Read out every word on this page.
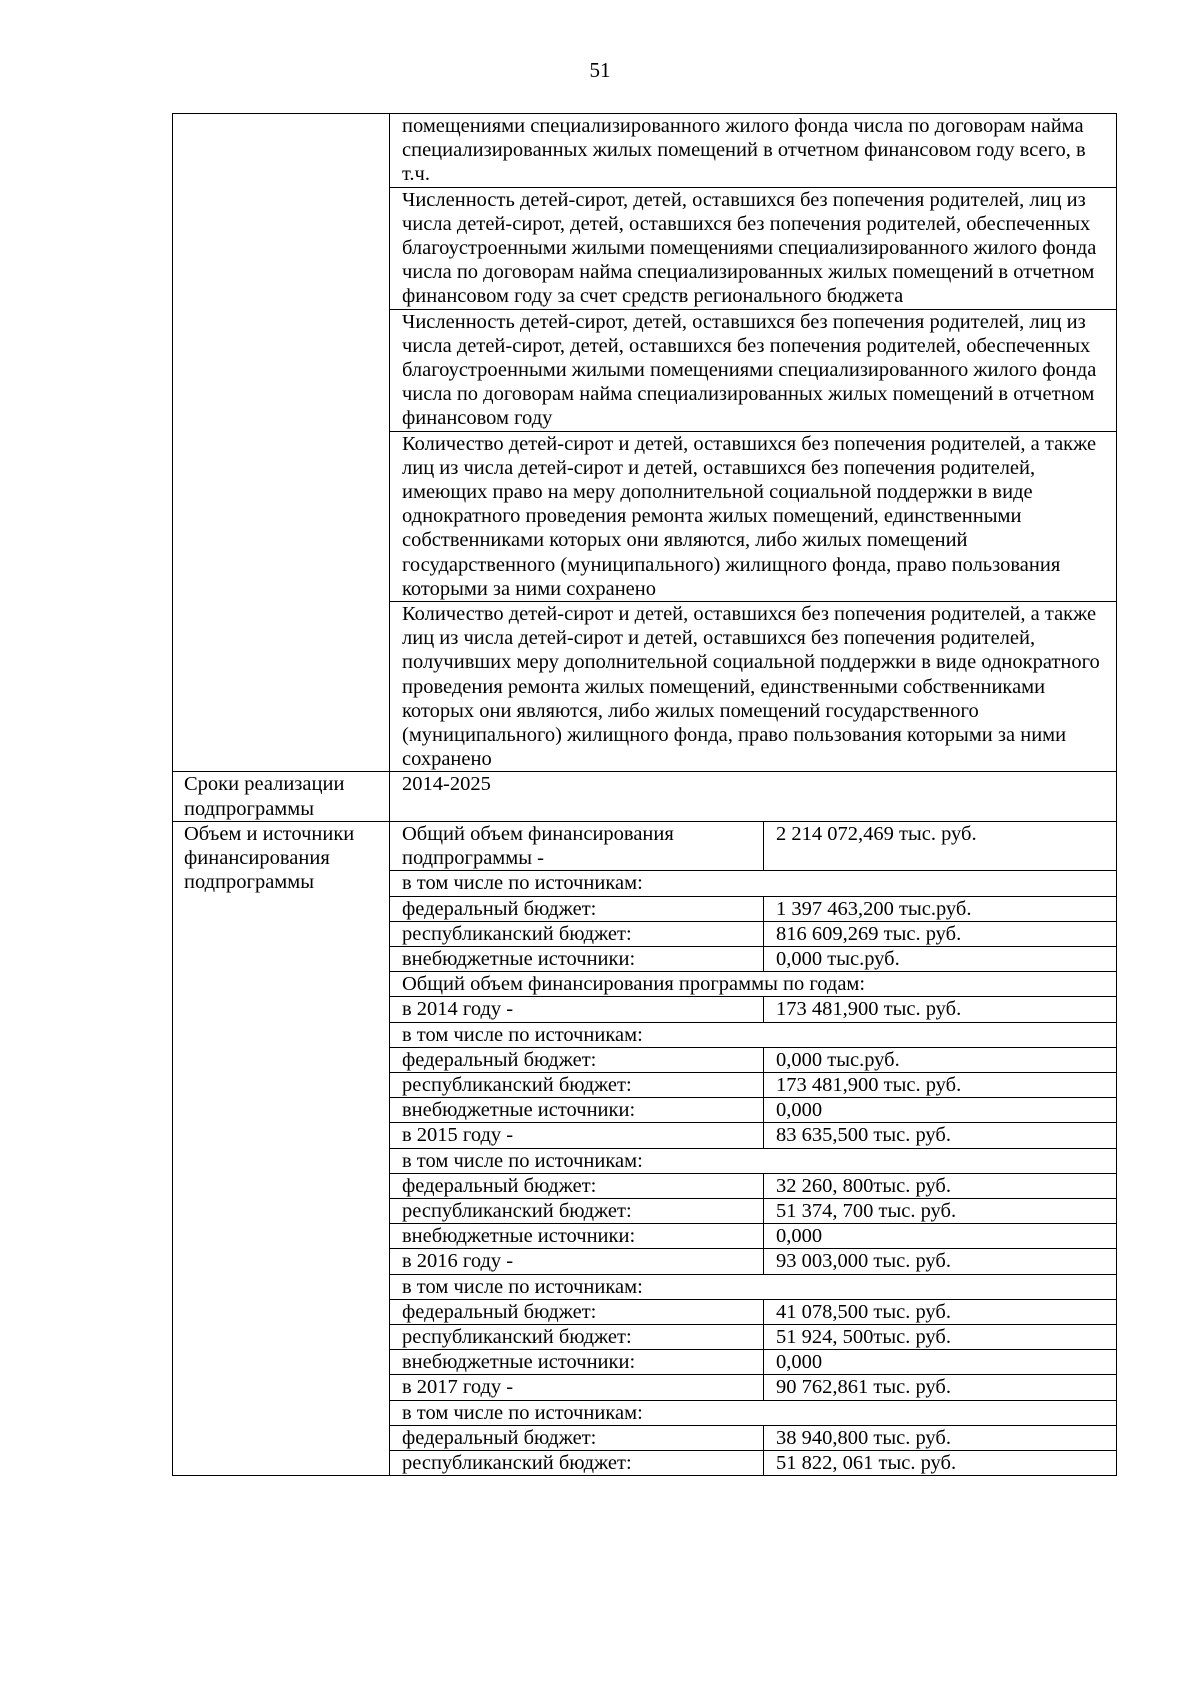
51
	помещениями специализированного жилого фонда числа по договорам найма специализированных жилых помещений в отчетном финансовом году всего, в т.ч.	
	Численность детей-сирот, детей, оставшихся без попечения родителей, лиц из числа детей-сирот, детей, оставшихся без попечения родителей, обеспеченных благоустроенными жилыми помещениями специализированного жилого фонда числа по договорам найма специализированных жилых помещений в отчетном финансовом году за счет средств регионального бюджета	
	Численность детей-сирот, детей, оставшихся без попечения родителей, лиц из числа детей-сирот, детей, оставшихся без попечения родителей, обеспеченных благоустроенными жилыми помещениями специализированного жилого фонда числа по договорам найма специализированных жилых помещений в отчетном финансовом году	
	Количество детей-сирот и детей, оставшихся без попечения родителей, а также лиц из числа детей-сирот и детей, оставшихся без попечения родителей, имеющих право на меру дополнительной социальной поддержки в виде однократного проведения ремонта жилых помещений, единственными собственниками которых они являются, либо жилых помещений государственного (муниципального) жилищного фонда, право пользования которыми за ними сохранено	
	Количество детей-сирот и детей, оставшихся без попечения родителей, а также лиц из числа детей-сирот и детей, оставшихся без попечения родителей, получивших меру дополнительной социальной поддержки в виде однократного проведения ремонта жилых помещений, единственными собственниками которых они являются, либо жилых помещений государственного (муниципального) жилищного фонда, право пользования которыми за ними сохранено	
Сроки реализации подпрограммы	2014-2025	
Объем и источники финансирования подпрограммы	Общий объем финансирования подпрограммы -	2 214 072,469 тыс. руб.
	в том числе по источникам:	
	федеральный бюджет:	1 397 463,200 тыс.руб.
	республиканский бюджет:	816 609,269 тыс. руб.
	внебюджетные источники:	0,000 тыс.руб.
	Общий объем финансирования программы по годам:	
	в 2014 году -	173 481,900 тыс. руб.
	в том числе по источникам:	
	федеральный бюджет:	0,000 тыс.руб.
	республиканский бюджет:	173 481,900 тыс. руб.
	внебюджетные источники:	0,000
	в 2015 году -	83 635,500 тыс. руб.
	в том числе по источникам:	
	федеральный бюджет:	32 260, 800тыс. руб.
	республиканский бюджет:	51 374, 700 тыс. руб.
	внебюджетные источники:	0,000
	в 2016 году -	93 003,000 тыс. руб.
	в том числе по источникам:	
	федеральный бюджет:	41 078,500 тыс. руб.
	республиканский бюджет:	51 924, 500тыс. руб.
	внебюджетные источники:	0,000
	в 2017 году -	90 762,861 тыс. руб.
	в том числе по источникам:	
	федеральный бюджет:	38 940,800 тыс. руб.
	республиканский бюджет:	51 822, 061 тыс. руб.
